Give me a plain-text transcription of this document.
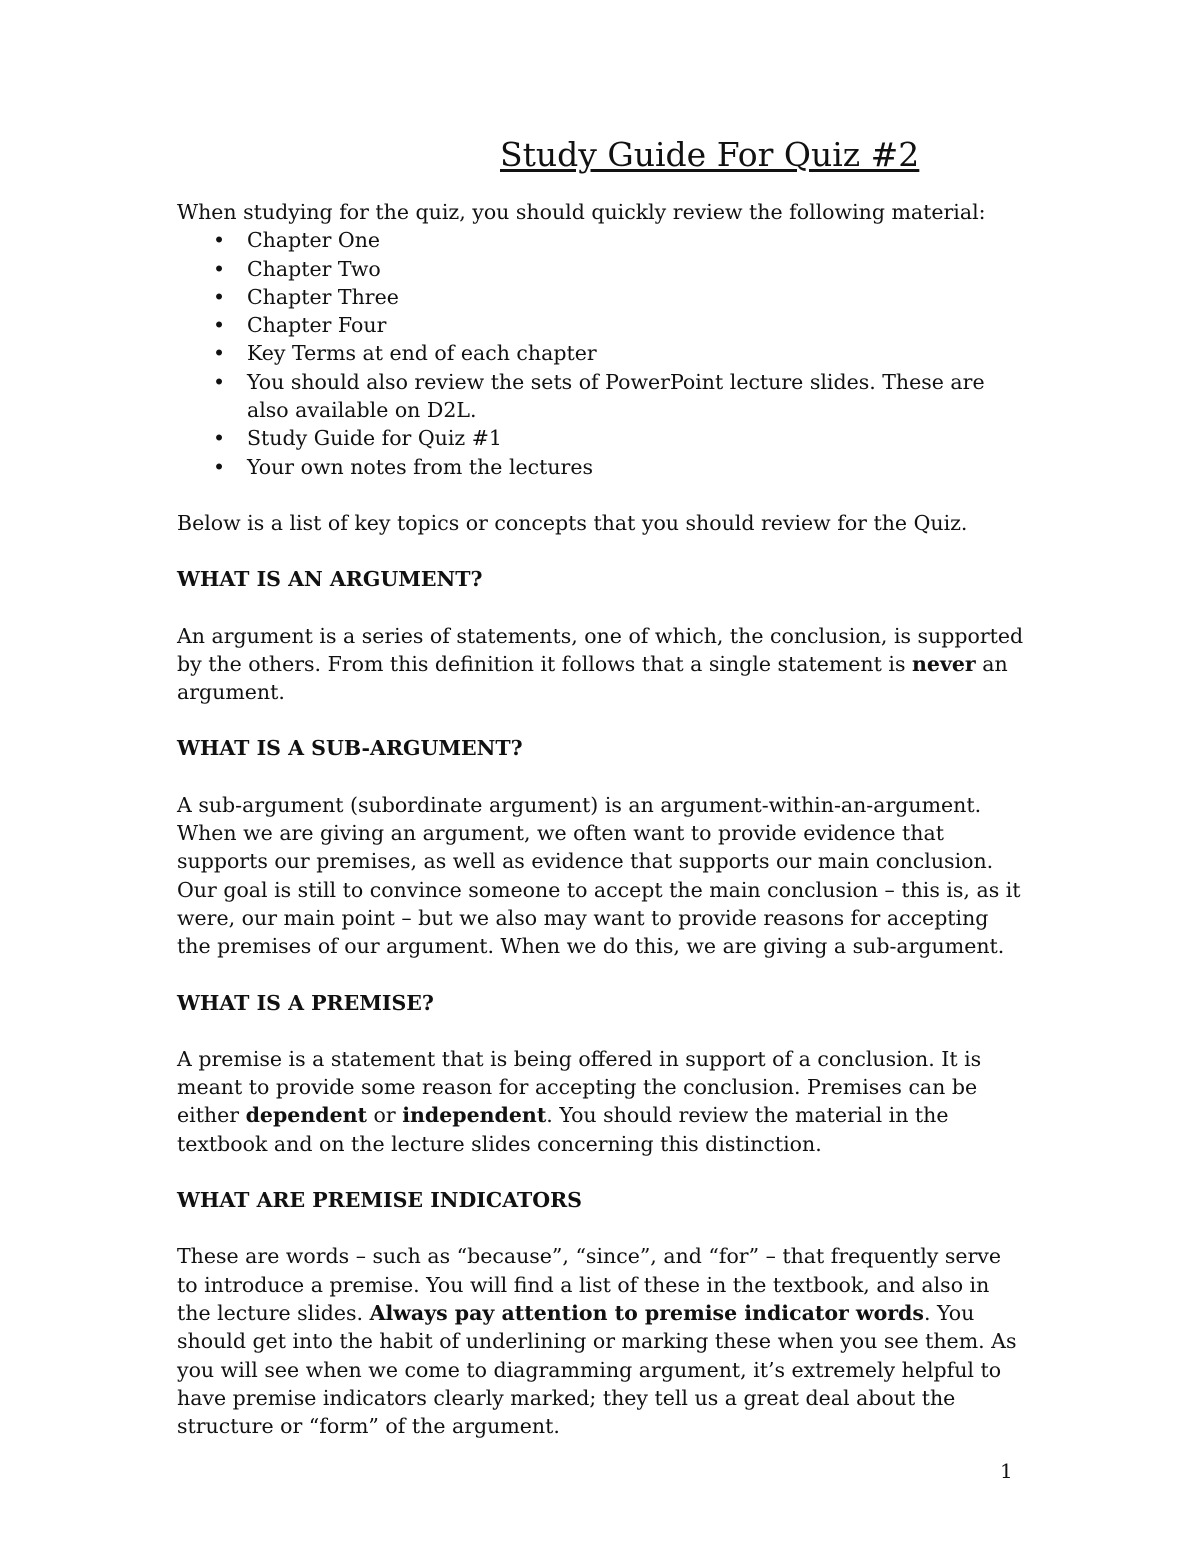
Study Guide For Quiz #2

When studying for the quiz, you should quickly review the following material:

• Chapter One
• Chapter Two
• Chapter Three
• Chapter Four
• Key Terms at end of each chapter
• You should also review the sets of PowerPoint lecture slides. These are also available on D2L.
• Study Guide for Quiz #1
• Your own notes from the lectures

Below is a list of key topics or concepts that you should review for the Quiz.

WHAT IS AN ARGUMENT?

An argument is a series of statements, one of which, the conclusion, is supported by the others. From this definition it follows that a single statement is never an argument.

WHAT IS A SUB-ARGUMENT?

A sub-argument (subordinate argument) is an argument-within-an-argument. When we are giving an argument, we often want to provide evidence that supports our premises, as well as evidence that supports our main conclusion. Our goal is still to convince someone to accept the main conclusion – this is, as it were, our main point – but we also may want to provide reasons for accepting the premises of our argument. When we do this, we are giving a sub-argument.

WHAT IS A PREMISE?

A premise is a statement that is being offered in support of a conclusion. It is meant to provide some reason for accepting the conclusion. Premises can be either dependent or independent. You should review the material in the textbook and on the lecture slides concerning this distinction.

WHAT ARE PREMISE INDICATORS

These are words – such as “because”, “since”, and “for” – that frequently serve to introduce a premise. You will find a list of these in the textbook, and also in the lecture slides. Always pay attention to premise indicator words. You should get into the habit of underlining or marking these when you see them. As you will see when we come to diagramming argument, it’s extremely helpful to have premise indicators clearly marked; they tell us a great deal about the structure or “form” of the argument.

1
